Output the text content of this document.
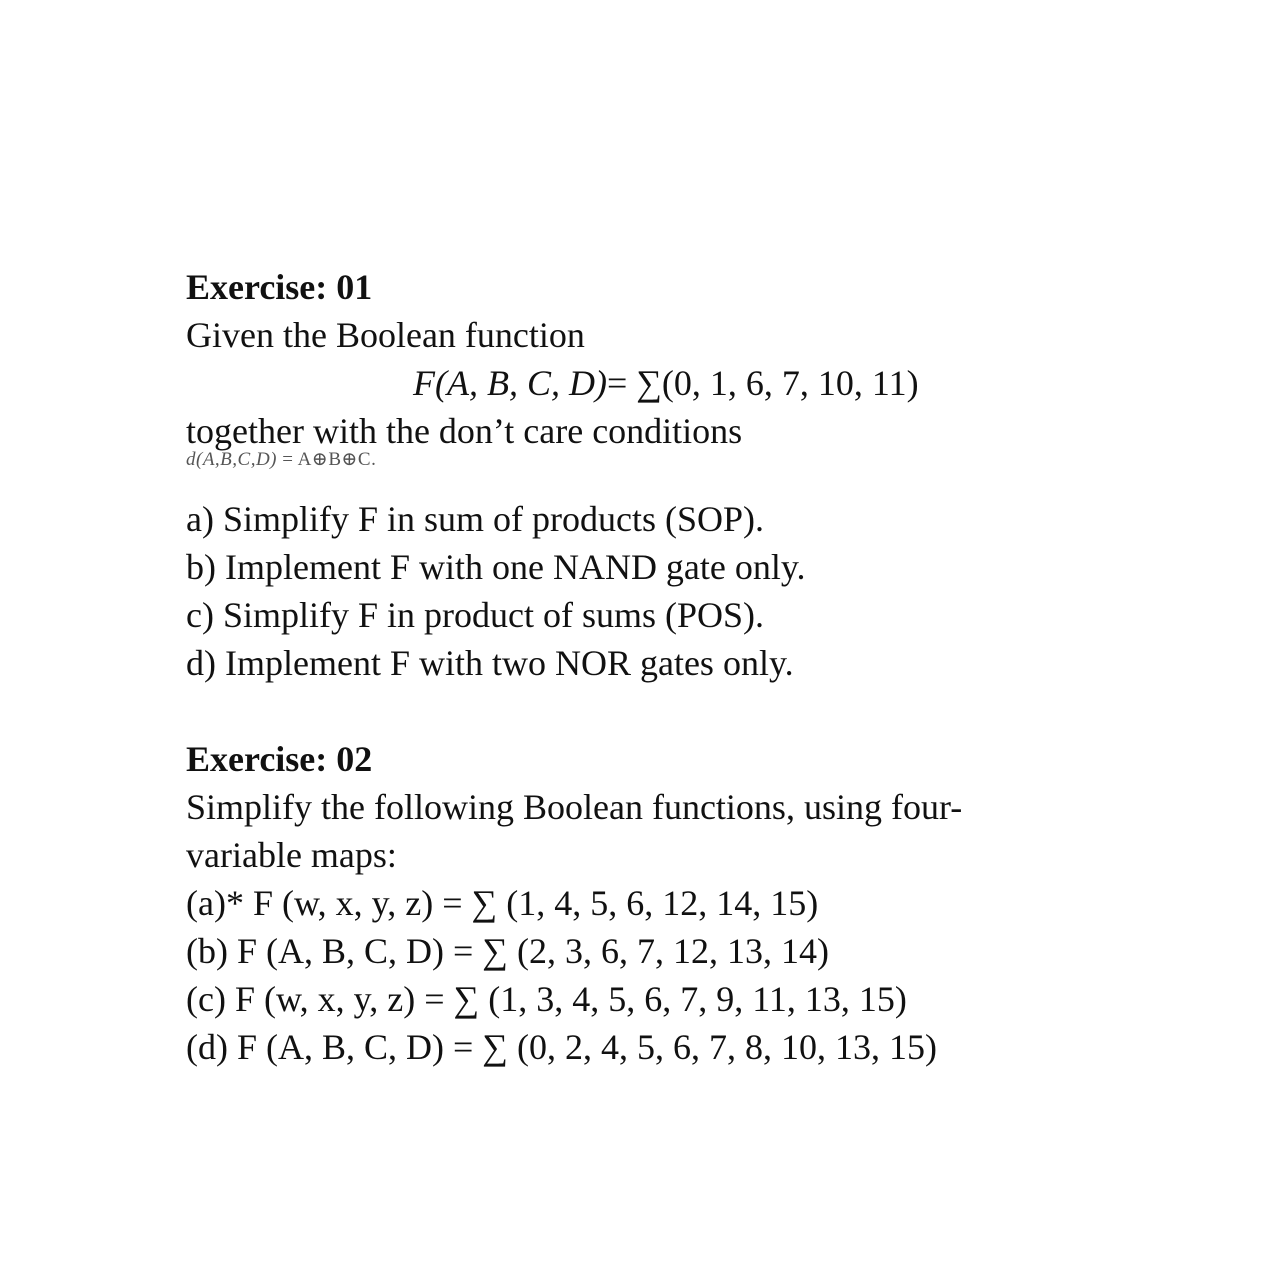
Exercise: 01
Given the Boolean function
F(A, B, C, D)= ∑(0, 1, 6, 7, 10, 11)
together with the don’t care conditions
d(A,B,C,D) = A⊕B⊕C.
a) Simplify F in sum of products (SOP).
b) Implement F with one NAND gate only.
c) Simplify F in product of sums (POS).
d) Implement F with two NOR gates only.
Exercise: 02
Simplify the following Boolean functions, using four-
variable maps:
(a)* F (w, x, y, z) = ∑ (1, 4, 5, 6, 12, 14, 15)
(b) F (A, B, C, D) = ∑ (2, 3, 6, 7, 12, 13, 14)
(c) F (w, x, y, z) = ∑ (1, 3, 4, 5, 6, 7, 9, 11, 13, 15)
(d) F (A, B, C, D) = ∑ (0, 2, 4, 5, 6, 7, 8, 10, 13, 15)
